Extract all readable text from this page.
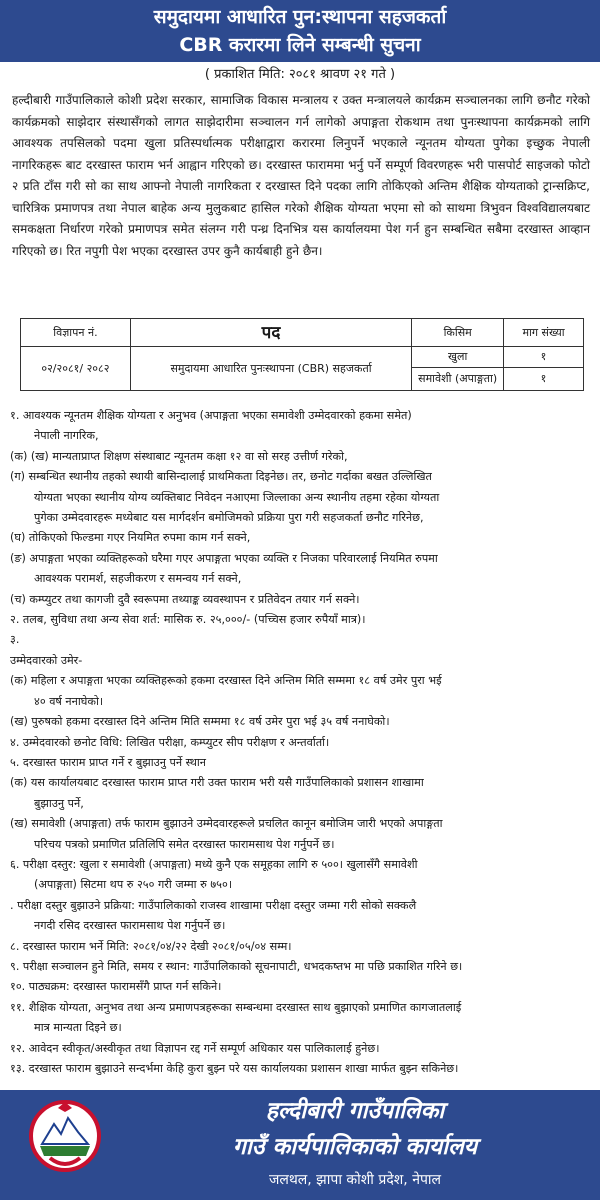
समुदायमा आधारित पुन:स्थापना सहजकर्ता
CBR करारमा लिने सम्बन्धी सुचना
( प्रकाशित मिति: २०८१ श्रावण २१ गते )
हल्दीबारी गाउँपालिकाले कोशी प्रदेश सरकार, सामाजिक विकास मन्त्रालय र उक्त मन्त्रालयले कार्यक्रम सञ्चालनका लागि छनौट गरेको कार्यक्रमको साझेदार संस्थासँगको लागत साझेदारीमा सञ्चालन गर्न लागेको अपाङ्गता रोकथाम तथा पुनःस्थापना कार्यक्रमको लागि आवश्यक तपसिलको पदमा खुला प्रतिस्पर्धात्मक परीक्षाद्वारा करारमा लिनुपर्ने भएकाले न्यूनतम योग्यता पुगेका इच्छुक नेपाली नागरिकहरू बाट दरखास्त फाराम भर्न आह्वान गरिएको छ। दरखास्त फाराममा भर्नु पर्ने सम्पूर्ण विवरणहरू भरी पासपोर्ट साइजको फोटो २ प्रति टाँस गरी सो का साथ आफ्नो नेपाली नागरिकता र दरखास्त दिने पदका लागि तोकिएको अन्तिम शैक्षिक योग्यताको ट्रान्सक्रिप्ट, चारित्रिक प्रमाणपत्र तथा नेपाल बाहेक अन्य मुलुकबाट हासिल गरेको शैक्षिक योग्यता भएमा सो को साथमा त्रिभुवन विश्वविद्यालयबाट समकक्षता निर्धारण गरेको प्रमाणपत्र समेत संलग्न गरी पन्ध्र दिनभित्र यस कार्यालयमा पेश गर्न हुन सम्बन्धित सबैमा दरखास्त आव्हान गरिएको छ। रित नपुगी पेश भएका दरखास्त उपर कुनै कार्यबाही हुने छैन।
विज्ञापन नं.	पद	किसिम	माग संख्या
०२/२०८१/ २०८२	समुदायमा आधारित पुनःस्थापना (CBR) सहजकर्ता	खुला	१
		समावेशी (अपाङ्गता)	१

१. आवश्यक न्यूनतम शैक्षिक योग्यता र अनुभव (अपाङ्गता भएका समावेशी उम्मेदवारको हकमा समेत)

नेपाली नागरिक,

(क) (ख) मान्यताप्राप्त शिक्षण संस्थाबाट न्यूनतम कक्षा १२ वा सो सरह उत्तीर्ण गरेको,

(ग) सम्बन्धित स्थानीय तहको स्थायी बासिन्दालाई प्राथमिकता दिइनेछ। तर, छनोट गर्दाका बखत उल्लिखित

योग्यता भएका स्थानीय योग्य व्यक्तिबाट निवेदन नआएमा जिल्लाका अन्य स्थानीय तहमा रहेका योग्यता

पुगेका उम्मेदवारहरू मध्येबाट यस मार्गदर्शन बमोजिमको प्रक्रिया पुरा गरी सहजकर्ता छनौट गरिनेछ,

(घ) तोकिएको फिल्डमा गएर नियमित रुपमा काम गर्न सक्ने,

(ङ) अपाङ्गता भएका व्यक्तिहरूको घरैमा गएर अपाङ्गता भएका व्यक्ति र निजका परिवारलाई नियमित रुपमा

आवश्यक परामर्श, सहजीकरण र समन्वय गर्न सक्ने,

(च) कम्प्युटर तथा कागजी दुवै स्वरूपमा तथ्याङ्क व्यवस्थापन र प्रतिवेदन तयार गर्न सक्ने।

२. तलब, सुविधा तथा अन्य सेवा शर्त: मासिक रु. २५,०००/- (पच्चिस हजार रुपैयाँ मात्र)।

३.

उम्मेदवारको उमेर-

(क) महिला र अपाङ्गता भएका व्यक्तिहरूको हकमा दरखास्त दिने अन्तिम मिति सम्ममा १८ वर्ष उमेर पुरा भई

४० वर्ष ननाघेको।

(ख) पुरुषको हकमा दरखास्त दिने अन्तिम मिति सम्ममा १८ वर्ष उमेर पुरा भई ३५ वर्ष ननाघेको।

४. उम्मेदवारको छनोट विधि: लिखित परीक्षा, कम्प्युटर सीप परीक्षण र अन्तर्वार्ता।

५. दरखास्त फाराम प्राप्त गर्ने र बुझाउनु पर्ने स्थान

(क) यस कार्यालयबाट दरखास्त फाराम प्राप्त गरी उक्त फाराम भरी यसै गाउँपालिकाको प्रशासन शाखामा

बुझाउनु पर्ने,

(ख) समावेशी (अपाङ्गता) तर्फ फाराम बुझाउने उम्मेदवारहरूले प्रचलित कानून बमोजिम जारी भएको अपाङ्गता

परिचय पत्रको प्रमाणित प्रतिलिपि समेत दरखास्त फारामसाथ पेश गर्नुपर्ने छ।

६. परीक्षा दस्तुर: खुला र समावेशी (अपाङ्गता) मध्ये कुनै एक समूहका लागि रु ५००। खुलासँगै समावेशी

(अपाङ्गता) सिटमा थप रु २५० गरी जम्मा रु ७५०।

. परीक्षा दस्तुर बुझाउने प्रक्रिया: गाउँपालिकाको राजस्व शाखामा परीक्षा दस्तुर जम्मा गरी सोको सक्कलै

नगदी रसिद दरखास्त फारामसाथ पेश गर्नुपर्ने छ।

८. दरखास्त फाराम भर्ने मिति: २०८१/०४/२२ देखी २०८१/०५/०४ सम्म।

९. परीक्षा सञ्चालन हुने मिति, समय र स्थान: गाउँपालिकाको सूचनापाटी, धभदकष्तभ मा पछि प्रकाशित गरिने छ।

१०. पाठ्यक्रम: दरखास्त फारामसँगै प्राप्त गर्न सकिने।

११. शैक्षिक योग्यता, अनुभव तथा अन्य प्रमाणपत्रहरूका सम्बन्धमा दरखास्त साथ बुझाएको प्रमाणित कागजातलाई

मात्र मान्यता दिइने छ।

१२. आवेदन स्वीकृत/अस्वीकृत तथा विज्ञापन रद्द गर्ने सम्पूर्ण अधिकार यस पालिकालाई हुनेछ।

१३. दरखास्त फाराम बुझाउने सन्दर्भमा केहि कुरा बुझ्न परे यस कार्यालयका प्रशासन शाखा मार्फत बुझ्न सकिनेछ।

हल्दीबारी गाउँपालिका
गाउँ कार्यपालिकाको कार्यालय
जलथल, झापा कोशी प्रदेश, नेपाल
